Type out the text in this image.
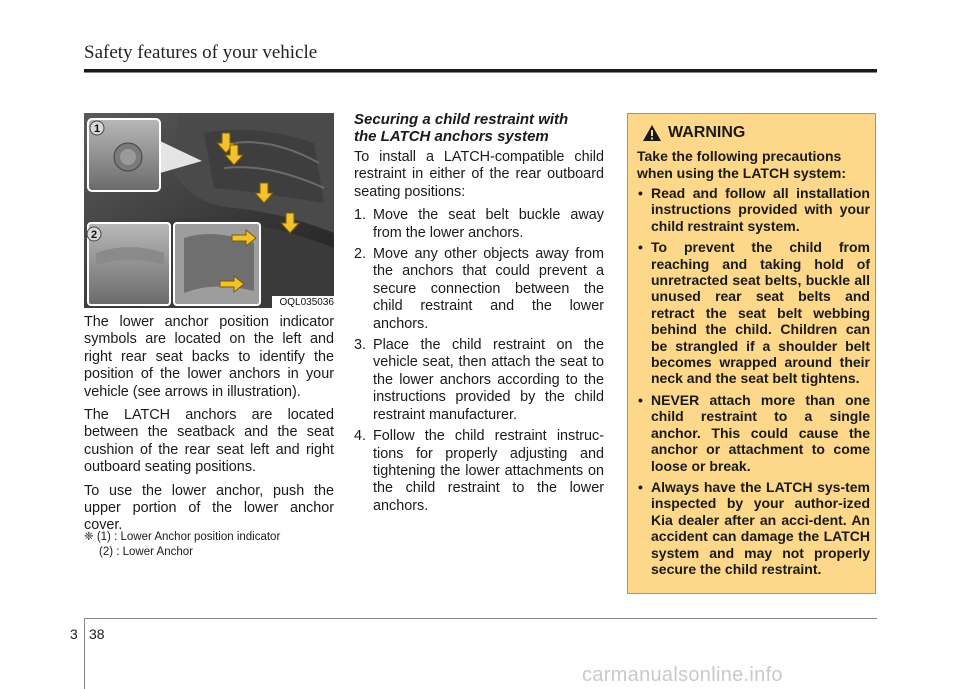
Safety features of your vehicle
1
2
OQL035036

The lower anchor position indicator symbols are located on the left and right rear seat backs to identify the position of the lower anchors in your vehicle (see arrows in illustration).

The LATCH anchors are located between the seatback and the seat cushion of the rear seat left and right outboard seating positions.

To use the lower anchor, push the upper portion of the lower anchor cover.

❈ (1) : Lower Anchor position indicator
(2) : Lower Anchor
Securing a child restraint with
the LATCH anchors system

To install a LATCH-compatible child restraint in either of the rear outboard seating positions:

1. Move the seat belt buckle away from the lower anchors.
2. Move any other objects away from the anchors that could prevent a secure connection between the child restraint and the lower anchors.
3. Place the child restraint on the vehicle seat, then attach the seat to the lower anchors according to the instructions provided by the child restraint manufacturer.
4. Follow the child restraint instruc-tions for properly adjusting and tightening the lower attachments on the child restraint to the lower anchors.
WARNING
Take the following precautions when using the LATCH system:
• Read and follow all installation instructions provided with your child restraint system.
• To prevent the child from reaching and taking hold of unretracted seat belts, buckle all unused rear seat belts and retract the seat belt webbing behind the child. Children can be strangled if a shoulder belt becomes wrapped around their neck and the seat belt tightens.
• NEVER attach more than one child restraint to a single anchor. This could cause the anchor or attachment to come loose or break.
• Always have the LATCH sys-tem inspected by your author-ized Kia dealer after an acci-dent. An accident can damage the LATCH system and may not properly secure the child restraint.
3 38
carmanualsonline.info
